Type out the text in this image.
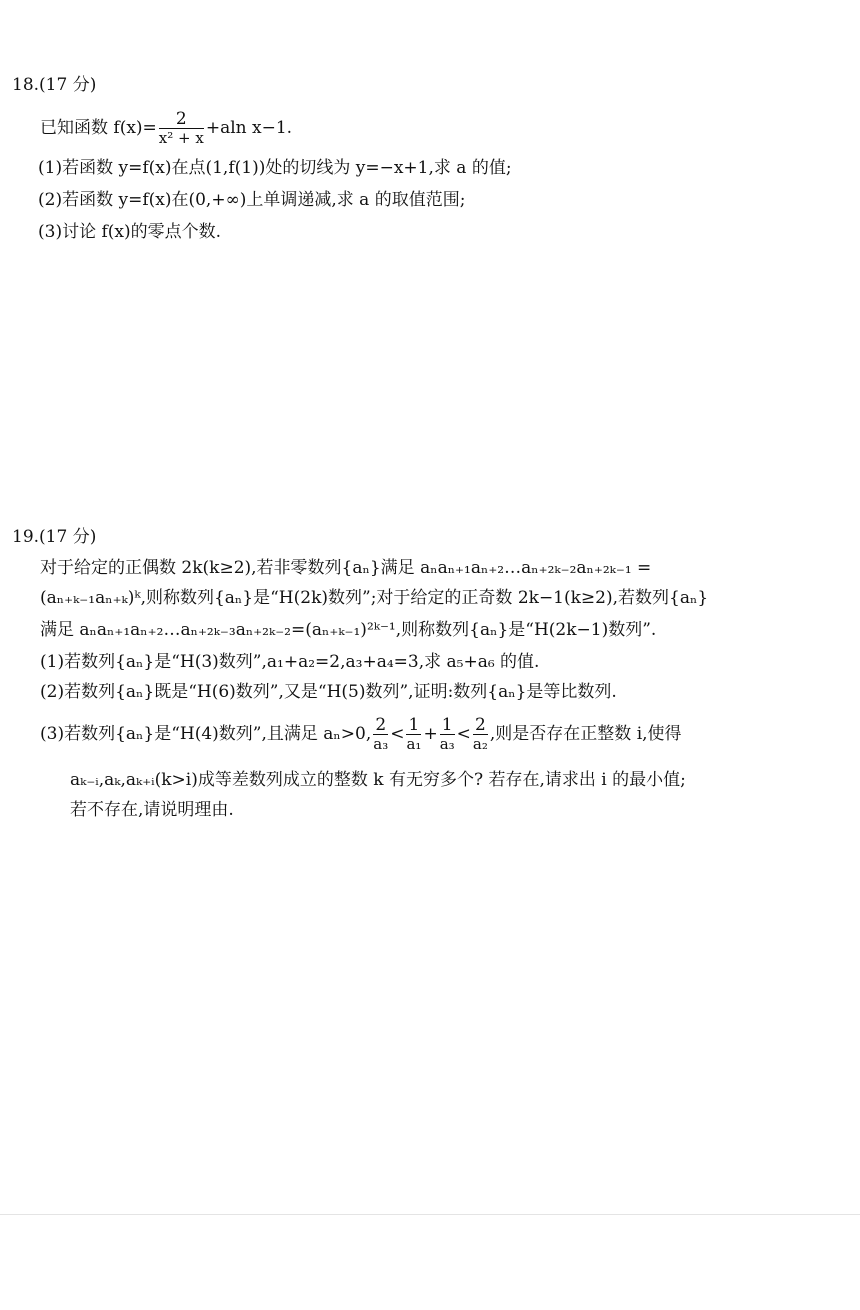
18.(17 分)
已知函数 $f(x)= \frac{2}{\text{x² + x}} +aln$ x−1.
(1)若函数 y=f(x)在点(1,f(1))处的切线为 y=−x+1,求 a 的值;
(2)若函数 y=f(x)在(0,+∞)上单调递减,求 a 的取值范围;
(3)讨论 f(x)的零点个数.
19.(17 分)
对于给定的正偶数 2k(k≥2),若非零数列{aₙ}满足 aₙaₙ₊₁aₙ₊₂…aₙ₊₂ₖ₋₂aₙ₊₂ₖ₋₁ =
(aₙ₊ₖ₋₁aₙ₊ₖ)ᵏ,则称数列{aₙ}是“H(2k)数列”;对于给定的正奇数 2k−1(k≥2),若数列{aₙ}
满足 aₙaₙ₊₁aₙ₊₂…aₙ₊₂ₖ₋₃aₙ₊₂ₖ₋₂=(aₙ₊ₖ₋₁)²ᵏ⁻¹,则称数列{aₙ}是“H(2k−1)数列”.
(1)若数列{aₙ}是“H(3)数列”,a₁+a₂=2,a₃+a₄=3,求 a₅+a₆ 的值.
(2)若数列{aₙ}既是“H(6)数列”,又是“H(5)数列”,证明:数列{aₙ}是等比数列.
(3)若数列{aₙ}是“H(4)数列”,且满足 aₙ>0, $\frac{2}{\text{a₃}} < \frac{1}{\text{a₁}} + \frac{1}{\text{a₃}} < \frac{2}{\text{a₂}}$ ,则是否存在正整数 i,使得
aₖ₋ᵢ,aₖ,aₖ₊ᵢ(k>i)成等差数列成立的整数 k 有无穷多个? 若存在,请求出 i 的最小值;
若不存在,请说明理由.
